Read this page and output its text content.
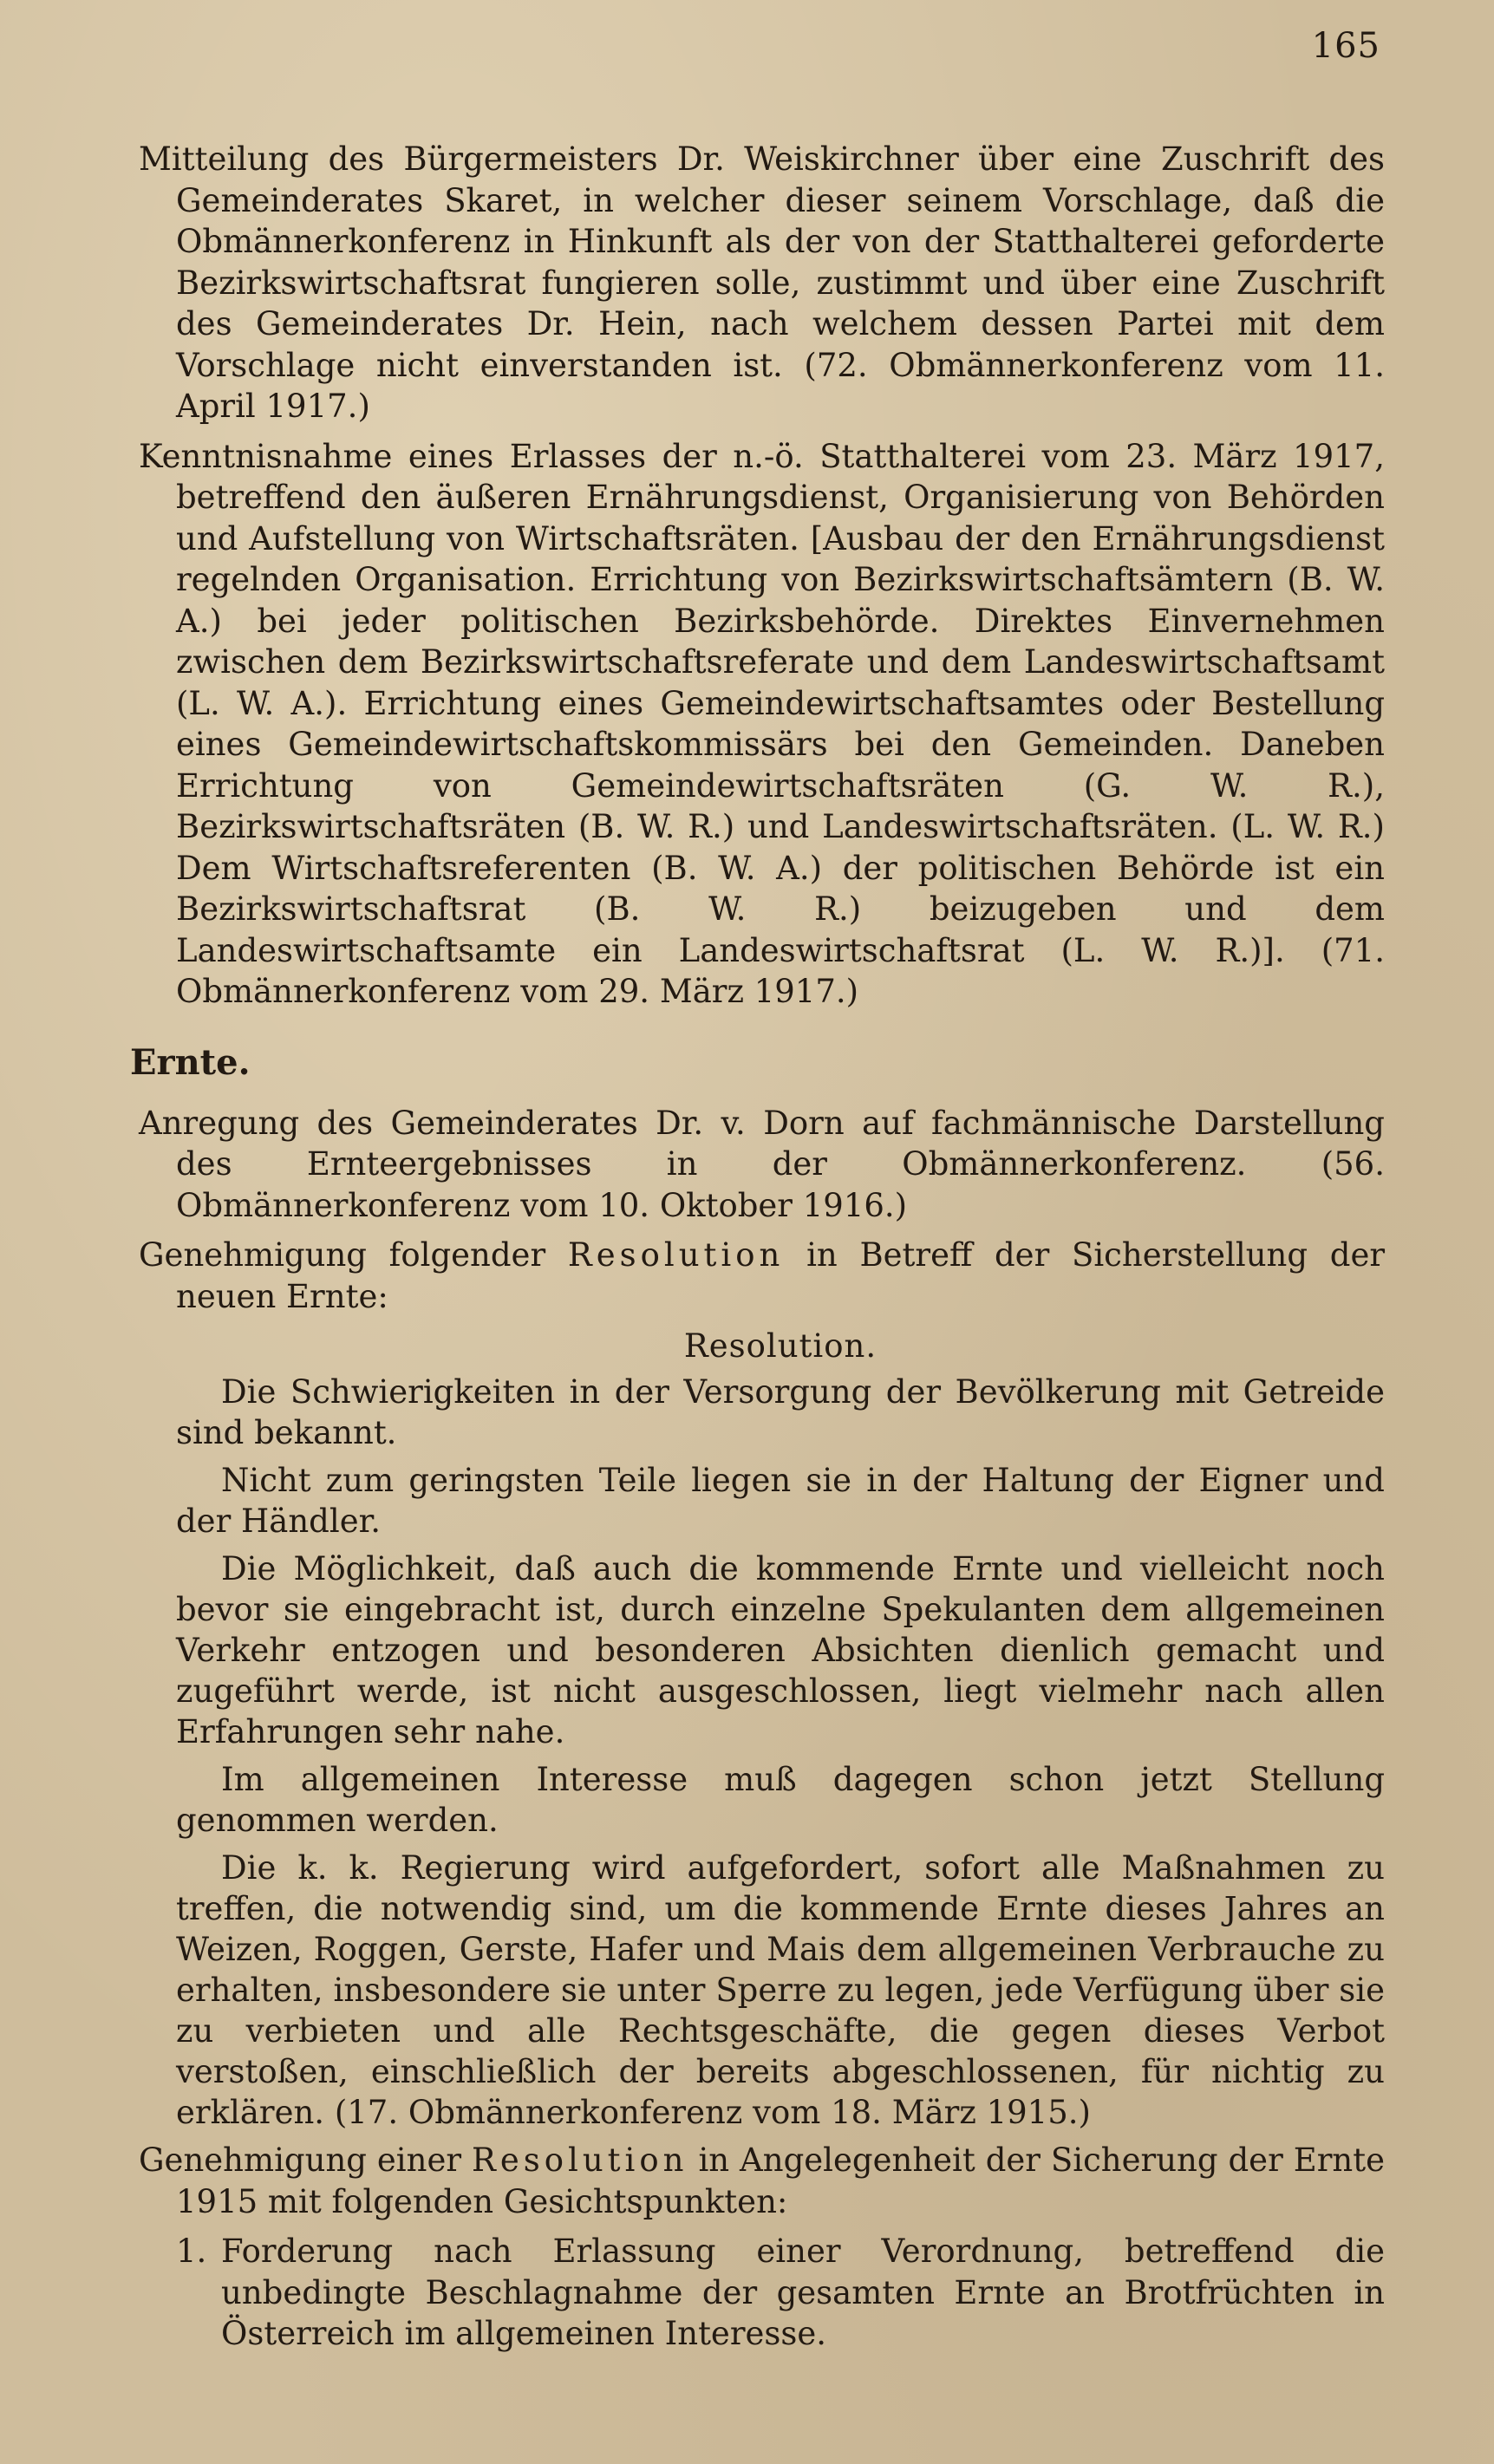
165

Mitteilung des Bürgermeisters Dr. Weiskirchner über eine Zuschrift des Gemeinderates Skaret, in welcher dieser seinem Vorschlage, daß die Obmännerkonferenz in Hinkunft als der von der Statthalterei geforderte Bezirkswirtschaftsrat fungieren solle, zustimmt und über eine Zuschrift des Gemeinderates Dr. Hein, nach welchem dessen Partei mit dem Vorschlage nicht einverstanden ist. (72. Obmännerkonferenz vom 11. April 1917.)

Kenntnisnahme eines Erlasses der n.-ö. Statthalterei vom 23. März 1917, betreffend den äußeren Ernährungsdienst, Organisierung von Behörden und Aufstellung von Wirtschaftsräten. [Ausbau der den Ernährungsdienst regelnden Organisation. Errichtung von Bezirkswirtschaftsämtern (B. W. A.) bei jeder politischen Bezirksbehörde. Direktes Einvernehmen zwischen dem Bezirkswirtschaftsreferate und dem Landeswirtschaftsamt (L. W. A.). Errichtung eines Gemeindewirtschaftsamtes oder Bestellung eines Gemeindewirtschaftskommissärs bei den Gemeinden. Daneben Errichtung von Gemeindewirtschaftsräten (G. W. R.), Bezirkswirtschaftsräten (B. W. R.) und Landeswirtschaftsräten. (L. W. R.) Dem Wirtschaftsreferenten (B. W. A.) der politischen Behörde ist ein Bezirkswirtschaftsrat (B. W. R.) beizugeben und dem Landeswirtschaftsamte ein Landeswirtschaftsrat (L. W. R.)]. (71. Obmännerkonferenz vom 29. März 1917.)

Ernte.

Anregung des Gemeinderates Dr. v. Dorn auf fachmännische Darstellung des Ernteergebnisses in der Obmännerkonferenz. (56. Obmännerkonferenz vom 10. Oktober 1916.)

Genehmigung folgender Resolution in Betreff der Sicherstellung der neuen Ernte:

Resolution.

Die Schwierigkeiten in der Versorgung der Bevölkerung mit Getreide sind bekannt.

Nicht zum geringsten Teile liegen sie in der Haltung der Eigner und der Händler.

Die Möglichkeit, daß auch die kommende Ernte und vielleicht noch bevor sie eingebracht ist, durch einzelne Spekulanten dem allgemeinen Verkehr entzogen und besonderen Absichten dienlich gemacht und zugeführt werde, ist nicht ausgeschlossen, liegt vielmehr nach allen Erfahrungen sehr nahe.

Im allgemeinen Interesse muß dagegen schon jetzt Stellung genommen werden.

Die k. k. Regierung wird aufgefordert, sofort alle Maßnahmen zu treffen, die notwendig sind, um die kommende Ernte dieses Jahres an Weizen, Roggen, Gerste, Hafer und Mais dem allgemeinen Verbrauche zu erhalten, insbesondere sie unter Sperre zu legen, jede Verfügung über sie zu verbieten und alle Rechtsgeschäfte, die gegen dieses Verbot verstoßen, einschließlich der bereits abgeschlossenen, für nichtig zu erklären. (17. Obmännerkonferenz vom 18. März 1915.)

Genehmigung einer Resolution in Angelegenheit der Sicherung der Ernte 1915 mit folgenden Gesichtspunkten:

1. Forderung nach Erlassung einer Verordnung, betreffend die unbedingte Beschlagnahme der gesamten Ernte an Brotfrüchten in Österreich im allgemeinen Interesse.
